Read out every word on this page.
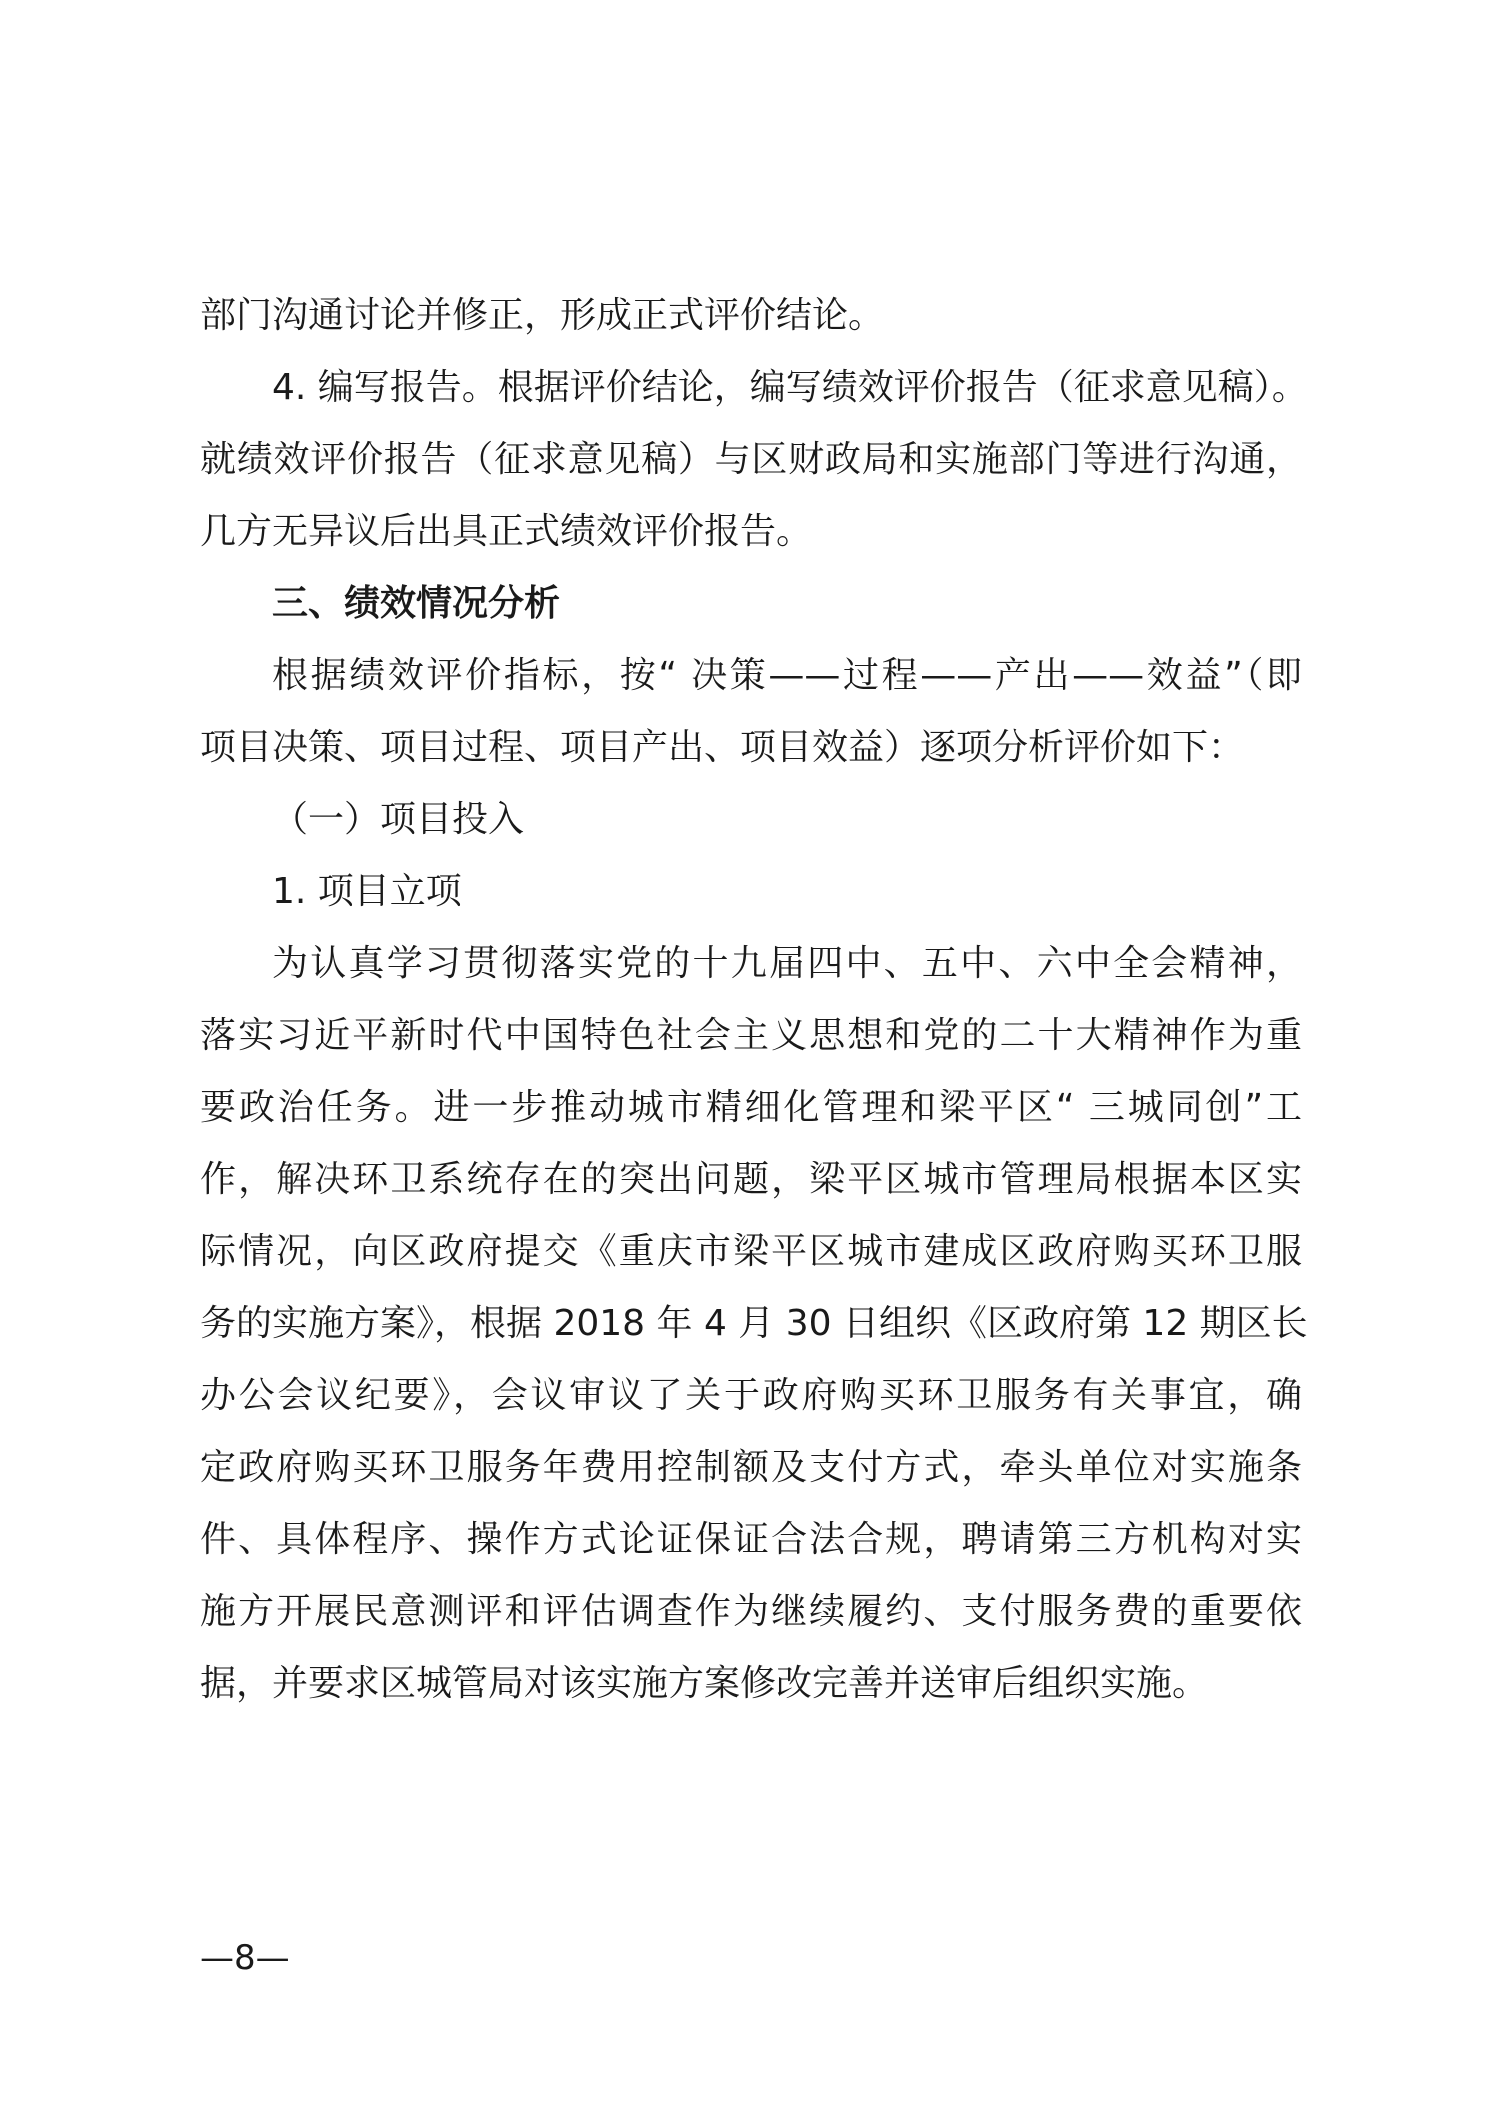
部门沟通讨论并修正，形成正式评价结论。
4. 编写报告。根据评价结论，编写绩效评价报告（征求意见稿）。
就绩效评价报告（征求意见稿）与区财政局和实施部门等进行沟通，
几方无异议后出具正式绩效评价报告。
三、绩效情况分析
根据绩效评价指标，按“ 决策——过程——产出——效益”（即
项目决策、项目过程、项目产出、项目效益）逐项分析评价如下：
（一）项目投入
1. 项目立项
为认真学习贯彻落实党的十九届四中、五中、六中全会精神，
落实习近平新时代中国特色社会主义思想和党的二十大精神作为重
要政治任务。进一步推动城市精细化管理和梁平区“ 三城同创”工
作，解决环卫系统存在的突出问题，梁平区城市管理局根据本区实
际情况，向区政府提交《重庆市梁平区城市建成区政府购买环卫服
务的实施方案》，根据 2018 年 4 月 30 日组织《区政府第 12 期区长
办公会议纪要》，会议审议了关于政府购买环卫服务有关事宜，确
定政府购买环卫服务年费用控制额及支付方式，牵头单位对实施条
件、具体程序、操作方式论证保证合法合规，聘请第三方机构对实
施方开展民意测评和评估调查作为继续履约、支付服务费的重要依
据，并要求区城管局对该实施方案修改完善并送审后组织实施。
—8—
